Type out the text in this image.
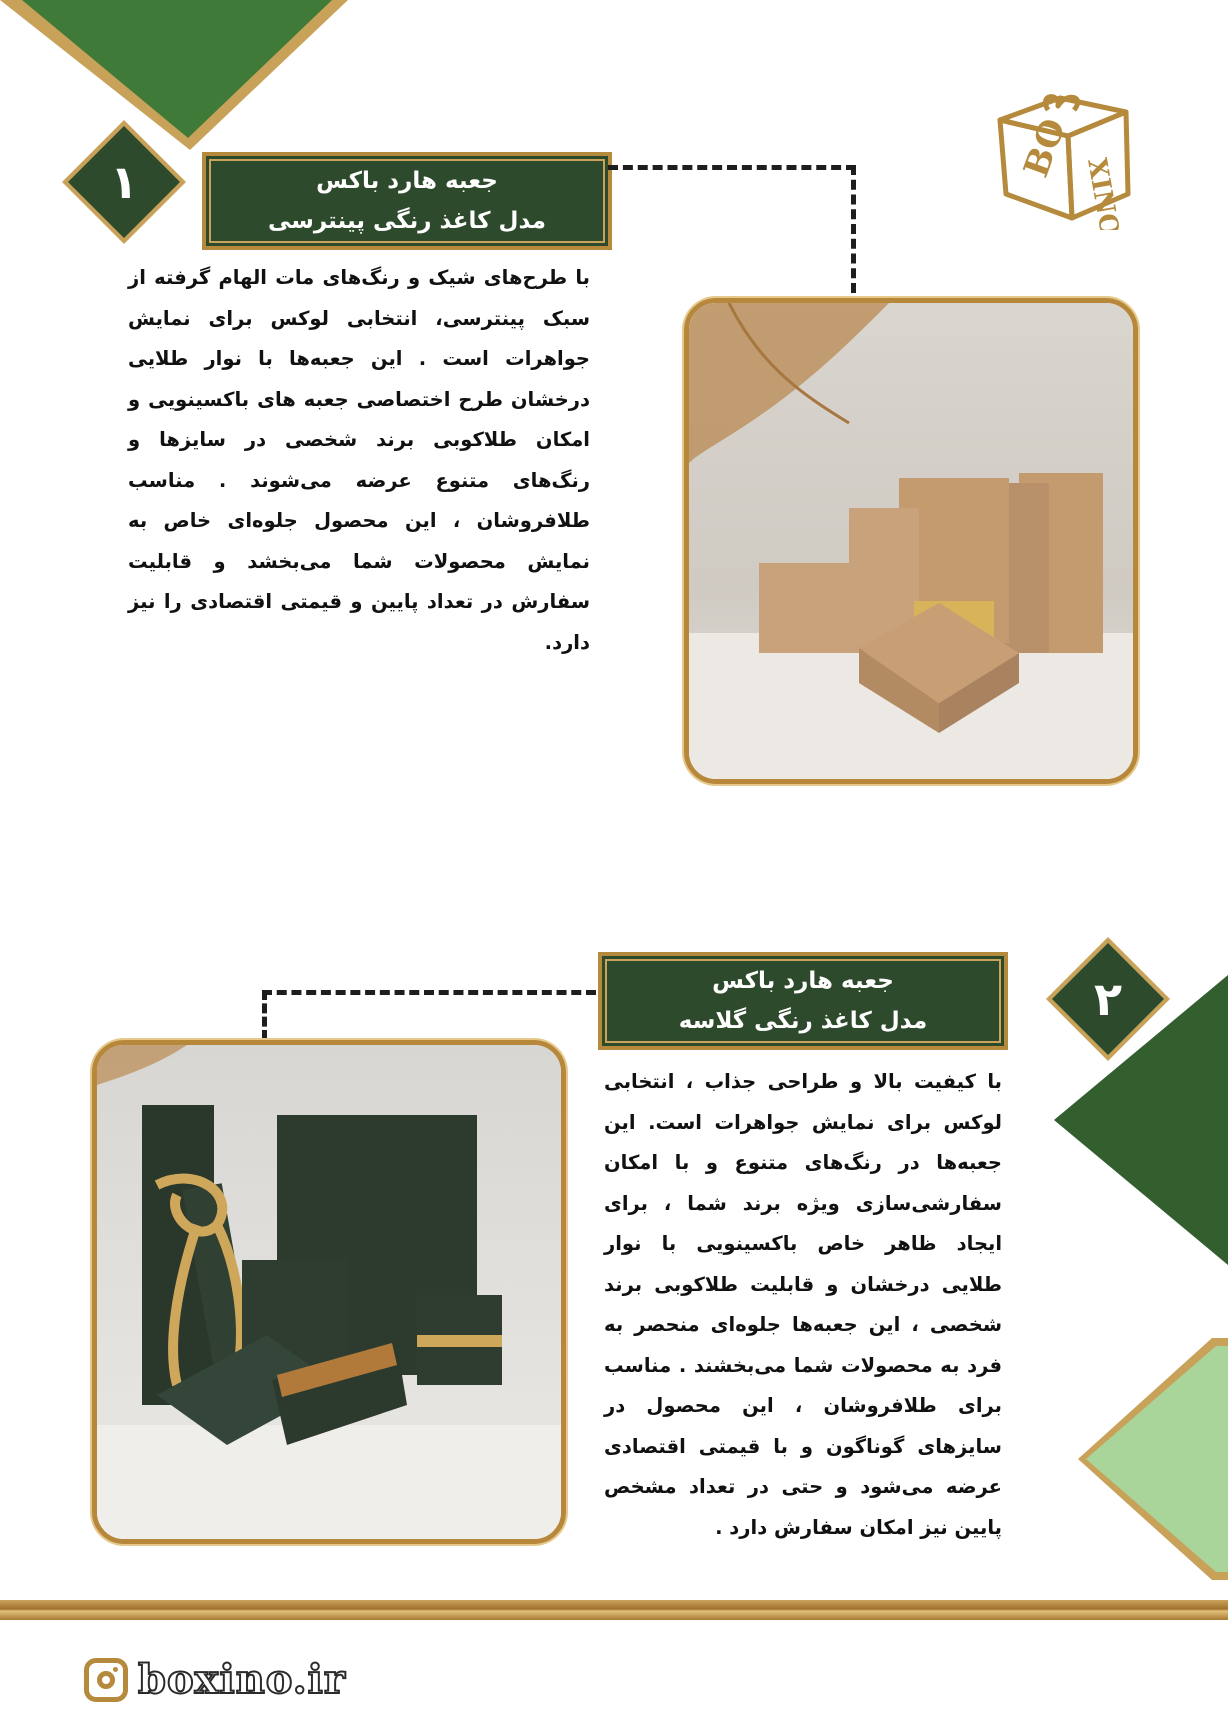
BO
XINO
۱	جعبه هارد باکس
مدل کاغذ رنگی پینترسی
با طرح‌های شیک و رنگ‌های مات الهام گرفته از سبک پینترسی، انتخابی لوکس برای نمایش جواهرات است . این جعبه‌ها با نوار طلایی درخشان طرح اختصاصی جعبه های باکسینویی و امکان طلاکوبی برند شخصی در سایزها و رنگ‌های متنوع عرضه می‌شوند . مناسب طلافروشان ، این محصول جلوه‌ای خاص به نمایش محصولات شما می‌بخشد و قابلیت سفارش در تعداد پایین و قیمتی اقتصادی را نیز دارد.
۲
جعبه هارد باکس
مدل کاغذ رنگی گلاسه
با کیفیت بالا و طراحی جذاب ، انتخابی لوکس برای نمایش جواهرات است. این جعبه‌ها در رنگ‌های متنوع و با امکان سفارشی‌سازی ویژه برند شما ، برای ایجاد ظاهر خاص باکسینویی با نوار طلایی درخشان و قابلیت طلاکوبی برند شخصی ، این جعبه‌ها جلوه‌ای منحصر به فرد به محصولات شما می‌بخشند . مناسب برای طلافروشان ، این محصول در سایزهای گوناگون و با قیمتی اقتصادی عرضه می‌شود و حتی در تعداد مشخص پایین نیز امکان سفارش دارد .
boxino.ir
